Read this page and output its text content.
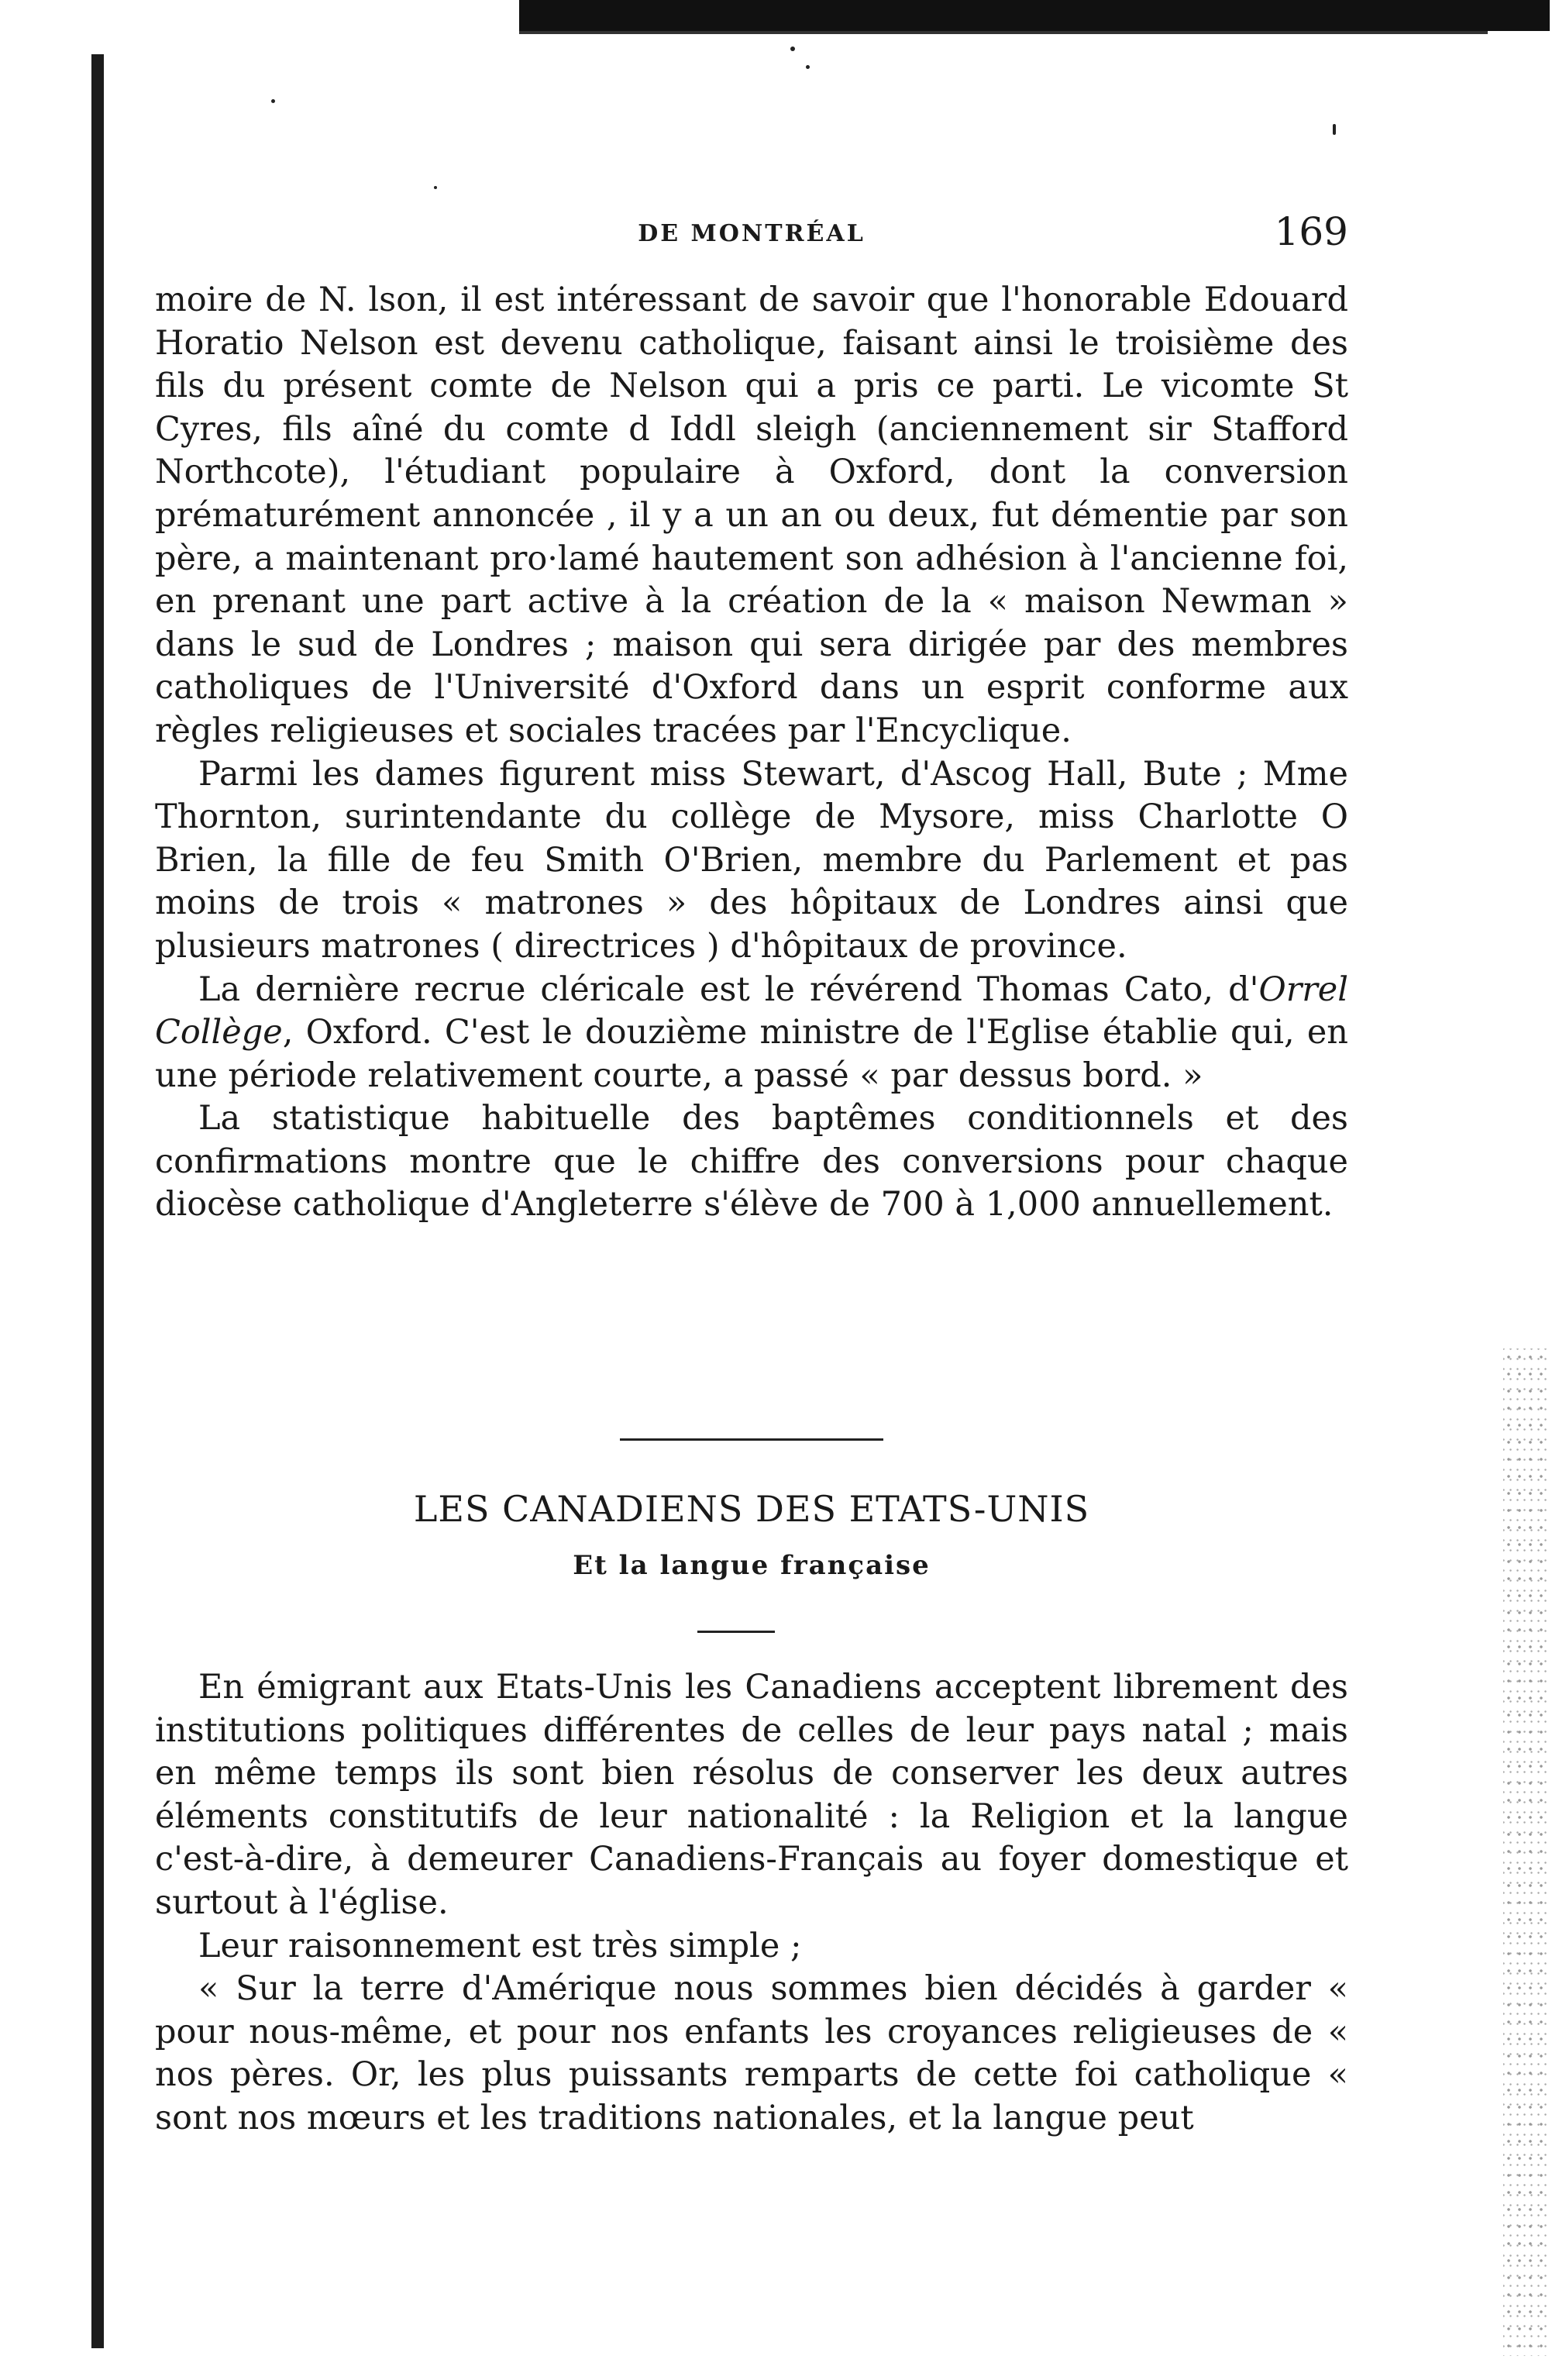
DE MONTRÉAL	169

moire de N. lson, il est intéressant de savoir que l'honorable Edouard Horatio Nelson est devenu catholique, faisant ainsi le troisième des fils du présent comte de Nelson qui a pris ce parti. Le vicomte St Cyres, fils aîné du comte d Iddl sleigh (anciennement sir Stafford Northcote), l'étudiant populaire à Oxford, dont la conversion prématurément annoncée , il y a un an ou deux, fut démentie par son père, a maintenant pro·lamé hautement son adhésion à l'ancienne foi, en prenant une part active à la création de la « maison Newman » dans le sud de Londres ; maison qui sera dirigée par des membres catholiques de l'Université d'Oxford dans un esprit conforme aux règles religieuses et sociales tracées par l'Encyclique.

Parmi les dames figurent miss Stewart, d'Ascog Hall, Bute ; Mme Thornton, surintendante du collège de Mysore, miss Charlotte O Brien, la fille de feu Smith O'Brien, membre du Parlement et pas moins de trois « matrones » des hôpitaux de Londres ainsi que plusieurs matrones ( directrices ) d'hôpitaux de province.

La dernière recrue cléricale est le révérend Thomas Cato, d'Orrel Collège, Oxford. C'est le douzième ministre de l'Eglise établie qui, en une période relativement courte, a passé « par dessus bord. »

La statistique habituelle des baptêmes conditionnels et des confirmations montre que le chiffre des conversions pour chaque diocèse catholique d'Angleterre s'élève de 700 à 1,000 annuellement.

LES CANADIENS DES ETATS-UNIS
Et la langue française

En émigrant aux Etats-Unis les Canadiens acceptent librement des institutions politiques différentes de celles de leur pays natal ; mais en même temps ils sont bien résolus de conserver les deux autres éléments constitutifs de leur nationalité : la Religion et la langue c'est-à-dire, à demeurer Canadiens-Français au foyer domestique et surtout à l'église.

Leur raisonnement est très simple ;

« Sur la terre d'Amérique nous sommes bien décidés à garder « pour nous-même, et pour nos enfants les croyances religieuses de « nos pères. Or, les plus puissants remparts de cette foi catholique « sont nos mœurs et les traditions nationales, et la langue peut
